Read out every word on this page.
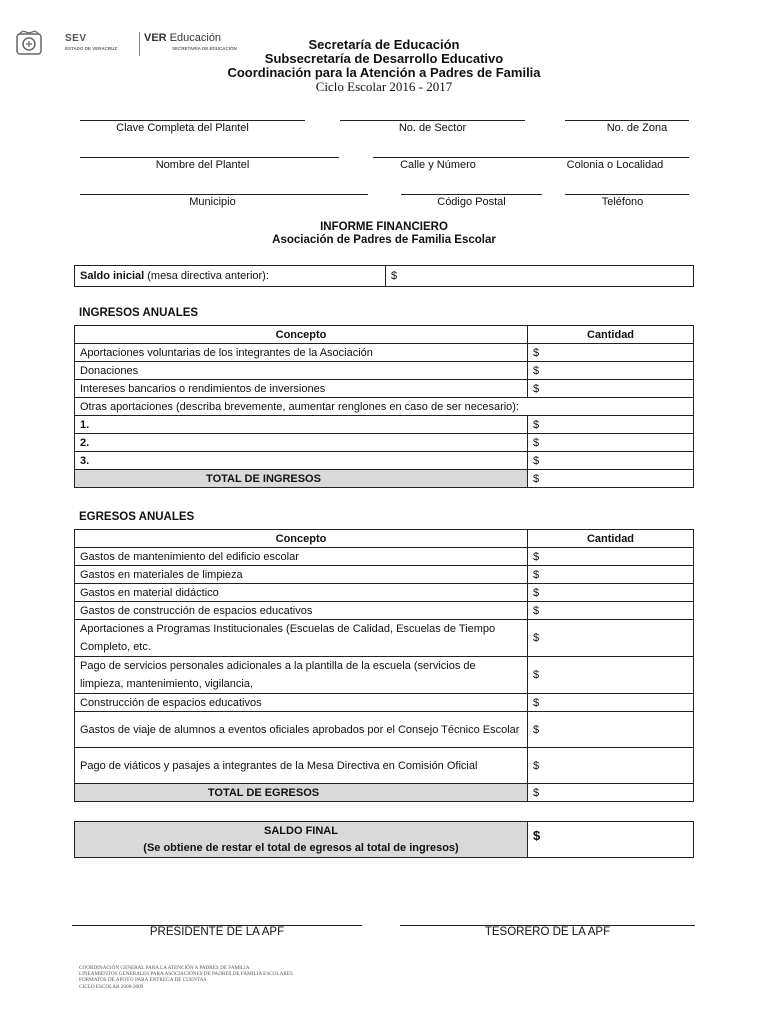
SEV
ESTADO DE VERACRUZ
VER Educación
SECRETARÍA DE EDUCACIÓN	Secretaría de Educación
Subsecretaría de Desarrollo Educativo
Coordinación para la Atención a Padres de Familia
Ciclo Escolar 2016 - 2017
Clave Completa del Plantel	No. de Sector	No. de Zona
Nombre del Plantel	Calle y Número	Colonia o Localidad
Municipio	Código Postal	Teléfono
INFORME FINANCIERO
Asociación de Padres de Familia Escolar
Saldo inicial (mesa directiva anterior):	$
INGRESOS ANUALES
Concepto	Cantidad
Aportaciones voluntarias de los integrantes de la Asociación	$
Donaciones	$
Intereses bancarios o rendimientos de inversiones	$
Otras aportaciones (describa brevemente, aumentar renglones en caso de ser necesario):	
1.	$
2.	$
3.	$
TOTAL DE INGRESOS	$
EGRESOS ANUALES
Concepto	Cantidad
Gastos de mantenimiento del edificio escolar	$
Gastos en materiales de limpieza	$
Gastos en material didáctico	$
Gastos de construcción de espacios educativos	$
Aportaciones a Programas Institucionales (Escuelas de Calidad, Escuelas de Tiempo Completo, etc.	$
Pago de servicios personales adicionales a la plantilla de la escuela (servicios de limpieza, mantenimiento, vigilancia,	$
Construcción de espacios educativos	$
Gastos de viaje de alumnos a eventos oficiales aprobados por el Consejo Técnico Escolar	$
Pago de viáticos y pasajes a integrantes de la Mesa Directiva en Comisión Oficial	$
TOTAL DE EGRESOS	$
SALDO FINAL
(Se obtiene de restar el total de egresos al total de ingresos)
	$
PRESIDENTE DE LA APF	TESORERO DE LA APF
COORDINACIÓN GENERAL PARA LA ATENCIÓN A PADRES DE FAMILIA
LINEAMIENTOS GENERALES PARA ASOCIACIONES DE PADRES DE FAMILIA ESCOLARES
FORMATOS DE APOYO PARA ENTREGA DE CUENTAS
CICLO ESCOLAR 2008-2009
